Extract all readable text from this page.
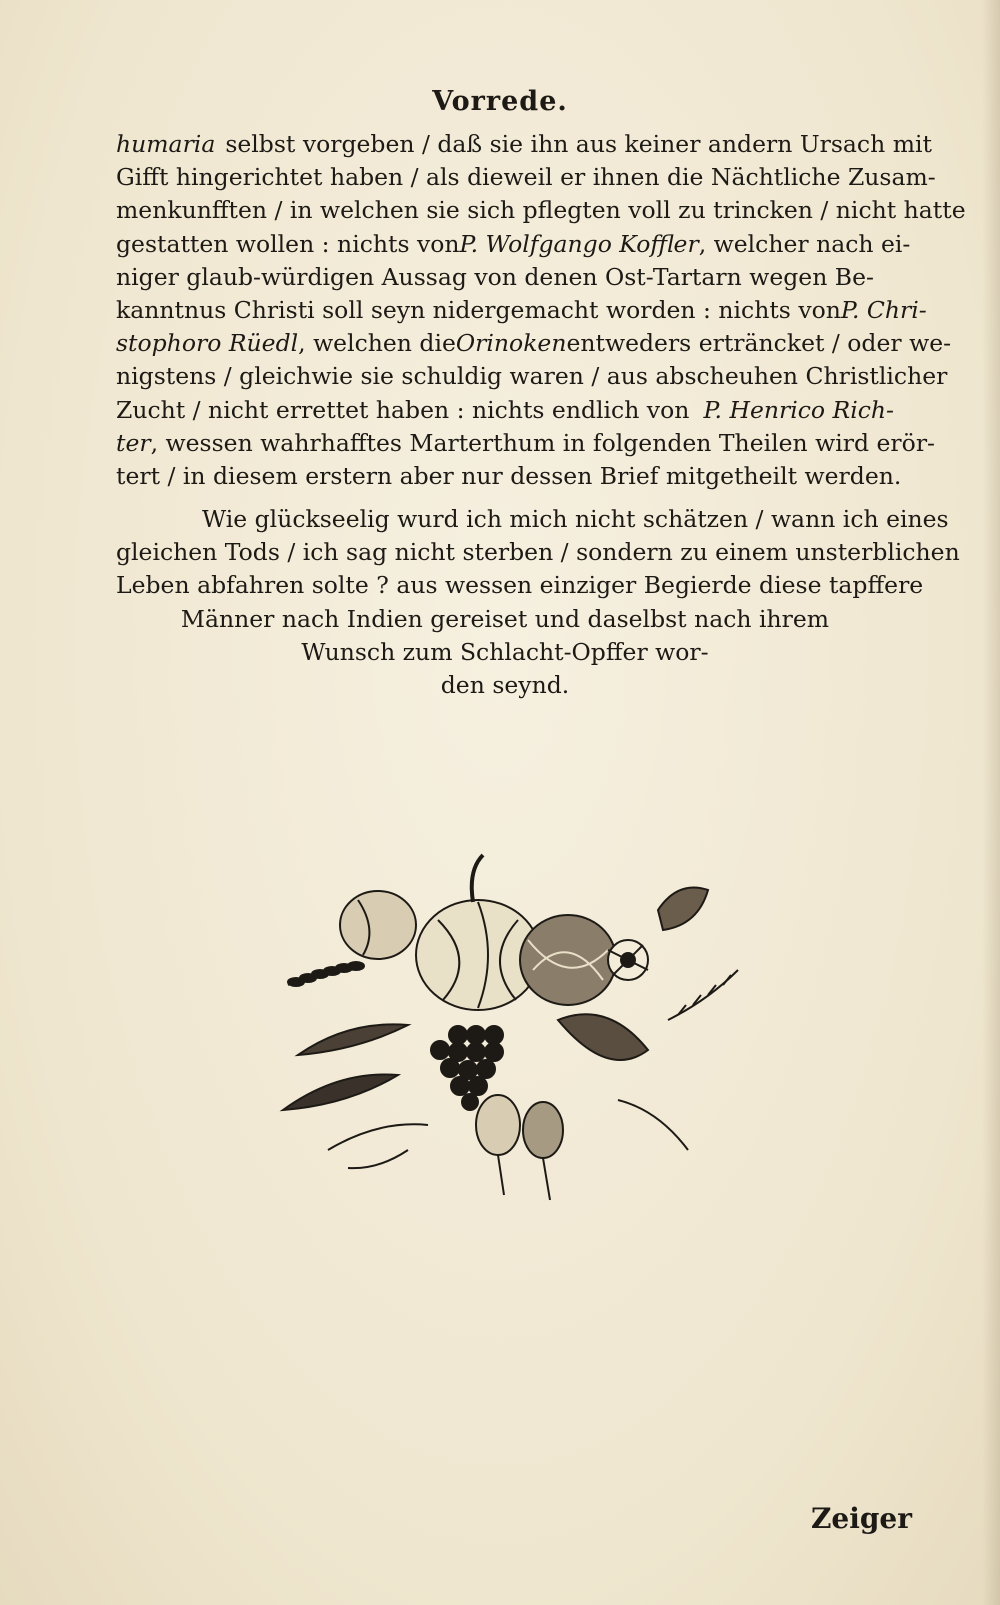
Vorrede.
humaria selbst vorgeben / daß sie ihn aus keiner andern Ursach mit
Gifft hingerichtet haben / als dieweil er ihnen die Nächtliche Zusam-
menkunfften / in welchen sie sich pflegten voll zu trincken / nicht hatte
gestatten wollen : nichts von P. Wolfgango Koffler , welcher nach ei-
niger glaub-würdigen Aussag von denen Ost-Tartarn wegen Be-
kanntnus Christi soll seyn nidergemacht worden : nichts von P. Chri-
stophoro Rüedl , welchen die Orinoken entweders erträncket / oder we-
nigstens / gleichwie sie schuldig waren / aus abscheuhen Christlicher
Zucht / nicht errettet haben : nichts endlich von P. Henrico Rich-
ter , wessen wahrhafftes Marterthum in folgenden Theilen wird erör-
tert / in diesem erstern aber nur dessen Brief mitgetheilt werden.
Wie glückseelig wurd ich mich nicht schätzen / wann ich eines
gleichen Tods / ich sag nicht sterben / sondern zu einem unsterblichen
Leben abfahren solte ? aus wessen einziger Begierde diese tapffere
Männer nach Indien gereiset und daselbst nach ihrem
Wunsch zum Schlacht-Opffer wor-
den seynd.
Zeiger
